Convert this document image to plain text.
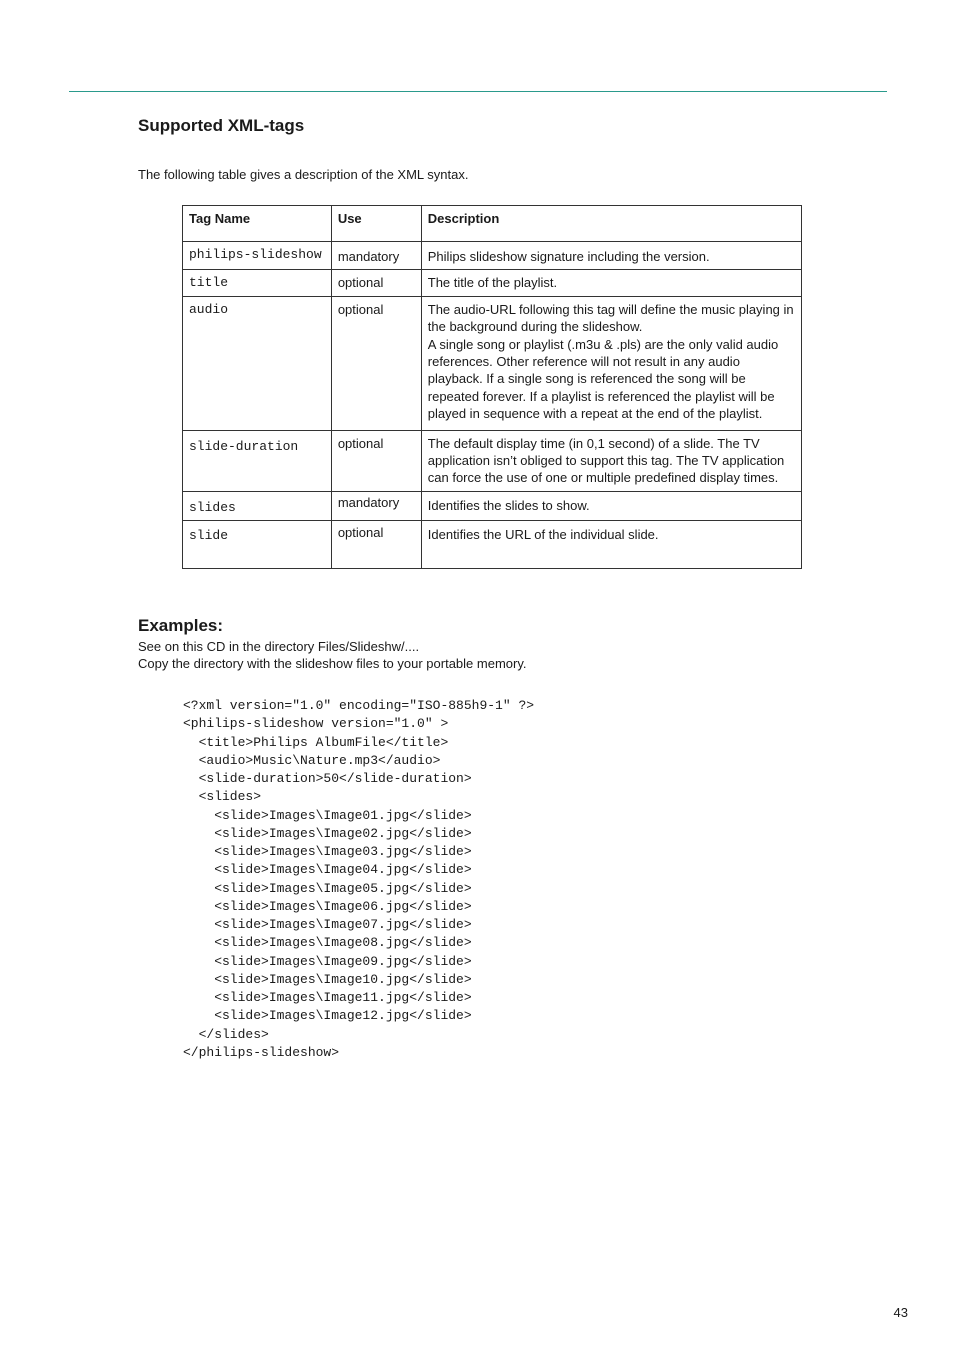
Supported XML-tags
The following table gives a description of the XML syntax.
Tag Name	Use	Description
philips-slideshow	mandatory	Philips slideshow signature including the version.
title	optional	The title of the playlist.
audio	optional	The audio-URL following this tag will define the music playing in the background during the slideshow.
A single song or playlist (.m3u & .pls) are the only valid audio references. Other reference will not result in any audio playback. If a single song is referenced the song will be repeated forever. If a playlist is referenced the playlist will be played in sequence with a repeat at the end of the playlist.
slide-duration	optional	The default display time (in 0,1 second) of a slide. The TV application isn’t obliged to support this tag. The TV application can force the use of one or multiple predefined display times.
slides	mandatory	Identifies the slides to show.
slide	optional	Identifies the URL of the individual slide.
Examples:
See on this CD in the directory Files/Slideshw/....
Copy the directory with the slideshow files to your portable memory.
<?xml version="1.0" encoding="ISO-885h9-1" ?>
<philips-slideshow version="1.0" >
<title>Philips AlbumFile</title>
<audio>Music\Nature.mp3</audio>
<slide-duration>50</slide-duration>
<slides>
<slide>Images\Image01.jpg</slide>
<slide>Images\Image02.jpg</slide>
<slide>Images\Image03.jpg</slide>
<slide>Images\Image04.jpg</slide>
<slide>Images\Image05.jpg</slide>
<slide>Images\Image06.jpg</slide>
<slide>Images\Image07.jpg</slide>
<slide>Images\Image08.jpg</slide>
<slide>Images\Image09.jpg</slide>
<slide>Images\Image10.jpg</slide>
<slide>Images\Image11.jpg</slide>
<slide>Images\Image12.jpg</slide>
</slides>
</philips-slideshow>
43
